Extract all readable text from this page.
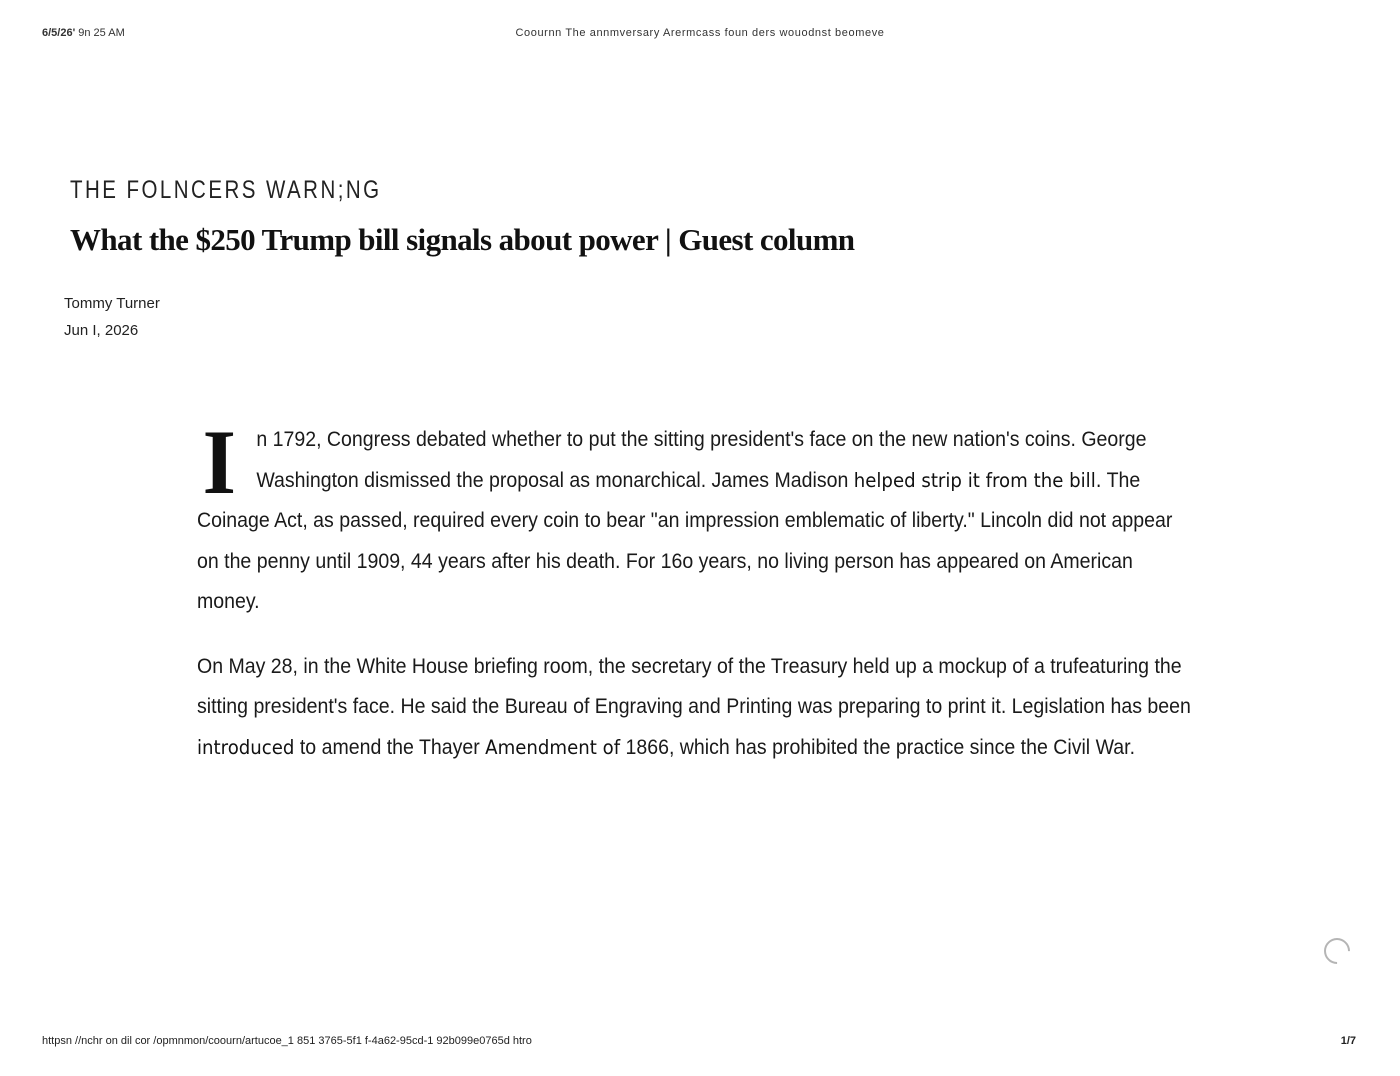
6/5/26' 9n 25 AM	Coournn The annmversary Arermcass foun ders wouodnst beomeve
THE FOLNCERS WARN;NG
What the $250 Trump bill signals about power | Guest column
Tommy Turner
Jun I, 2026

In 1792, Congress debated whether to put the sitting president's face on the new nation's coins. George Washington dismissed the proposal as monarchical. James Madison helped strip it from the bill. The Coinage Act, as passed, required every coin to bear "an impression emblematic of liberty." Lincoln did not appear on the penny until 1909, 44 years after his death. For 16o years, no living person has appeared on American money.

On May 28, in the White House briefing room, the secretary of the Treasury held up a mockup of a trufeaturing the sitting president's face. He said the Bureau of Engraving and Printing was preparing to print it. Legislation has been introduced to amend the Thayer Amendment of 1866, which has prohibited the practice since the Civil War.

httpsn //nchr on dil cor /opmnmon/coourn/artucoe_1 851 3765-5f1 f-4a62-95cd-1 92b099e0765d htro	1/7
